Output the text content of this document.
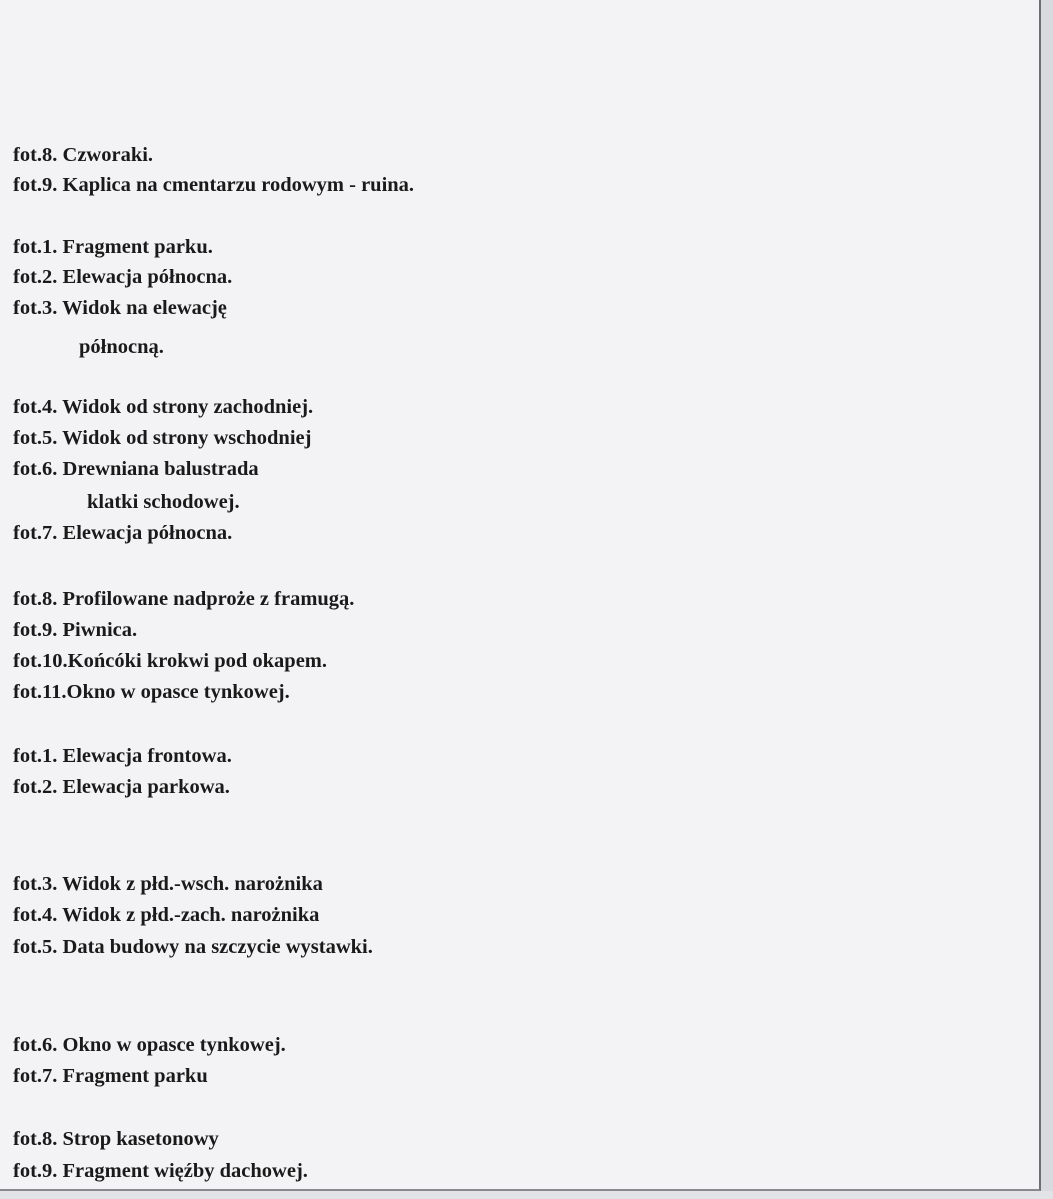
fot.8. Czworaki.

fot.9. Kaplica na cmentarzu rodowym - ruina.

fot.1. Fragment parku.

fot.2. Elewacja północna.

fot.3. Widok na elewację

północną.

fot.4. Widok od strony zachodniej.

fot.5. Widok od strony wschodniej

fot.6. Drewniana balustrada

klatki schodowej.

fot.7. Elewacja północna.

fot.8. Profilowane nadproże z framugą.

fot.9. Piwnica.

fot.10.Końcóki krokwi pod okapem.

fot.11.Okno w opasce tynkowej.

fot.1. Elewacja frontowa.

fot.2. Elewacja parkowa.

fot.3. Widok z płd.-wsch. narożnika

fot.4. Widok z płd.-zach. narożnika

fot.5. Data budowy na szczycie wystawki.

fot.6. Okno w opasce tynkowej.

fot.7. Fragment parku

fot.8. Strop kasetonowy

fot.9. Fragment więźby dachowej.
